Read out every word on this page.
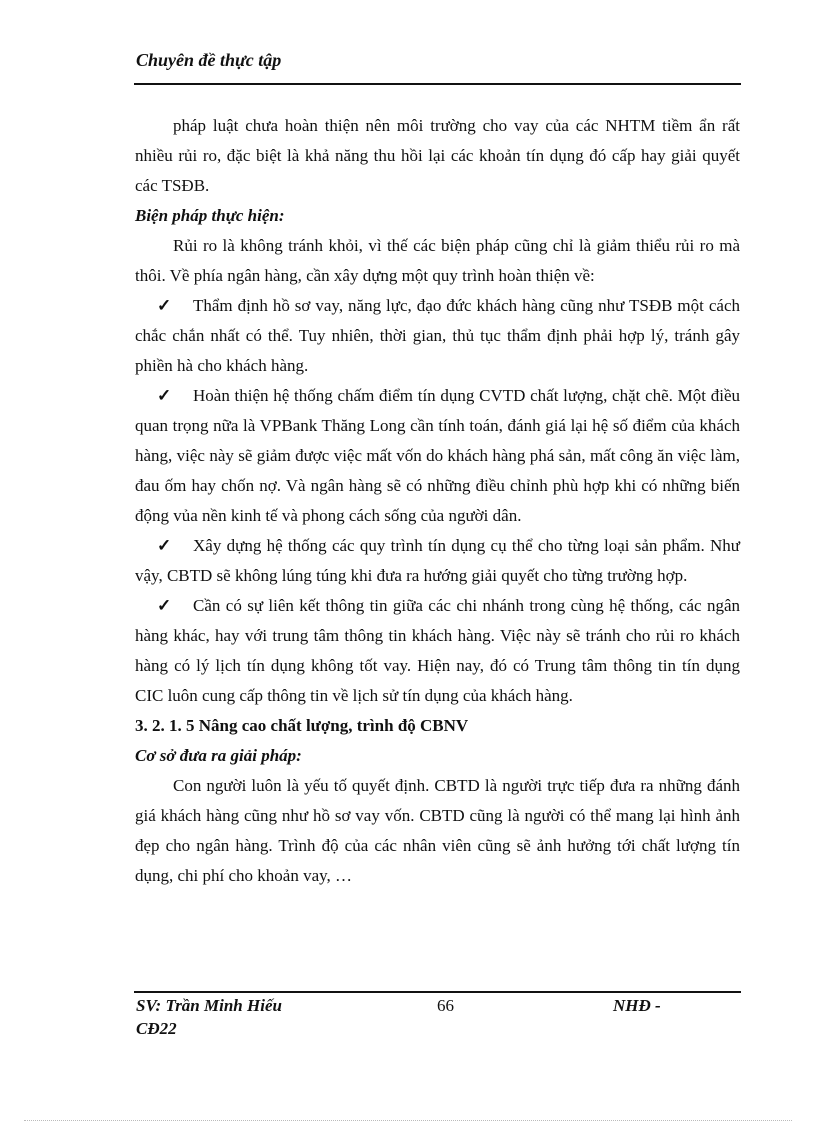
Chuyên đề thực tập

pháp luật chưa hoàn thiện nên môi trường cho vay của các NHTM tiềm ẩn rất nhiều rủi ro, đặc biệt là khả năng thu hồi lại các khoản tín dụng đó cấp hay giải quyết các TSĐB.

Biện pháp thực hiện:

Rủi ro là không tránh khỏi, vì thế các biện pháp cũng chỉ là giảm thiểu rủi ro mà thôi. Về phía ngân hàng, cần xây dựng một quy trình hoàn thiện về:

✓ Thẩm định hồ sơ vay, năng lực, đạo đức khách hàng cũng như TSĐB một cách chắc chắn nhất có thể. Tuy nhiên, thời gian, thủ tục thẩm định phải hợp lý, tránh gây phiền hà cho khách hàng.

✓ Hoàn thiện hệ thống chấm điểm tín dụng CVTD chất lượng, chặt chẽ. Một điều quan trọng nữa là VPBank Thăng Long cần tính toán, đánh giá lại hệ số điểm của khách hàng, việc này sẽ giảm được việc mất vốn do khách hàng phá sản, mất công ăn việc làm, đau ốm hay chốn nợ. Và ngân hàng sẽ có những điều chỉnh phù hợp khi có những biến động vủa nền kinh tế và phong cách sống của người dân.

✓ Xây dựng hệ thống các quy trình tín dụng cụ thể cho từng loại sản phẩm. Như vậy, CBTD sẽ không lúng túng khi đưa ra hướng giải quyết cho từng trường hợp.

✓ Cần có sự liên kết thông tin giữa các chi nhánh trong cùng hệ thống, các ngân hàng khác, hay với trung tâm thông tin khách hàng. Việc này sẽ tránh cho rủi ro khách hàng có lý lịch tín dụng không tốt vay. Hiện nay, đó có Trung tâm thông tin tín dụng CIC luôn cung cấp thông tin về lịch sử tín dụng của khách hàng.

3. 2. 1. 5 Nâng cao chất lượng, trình độ CBNV

Cơ sở đưa ra giải pháp:

Con người luôn là yếu tố quyết định. CBTD là người trực tiếp đưa ra những đánh giá khách hàng cũng như hồ sơ vay vốn. CBTD cũng là người có thể mang lại hình ảnh đẹp cho ngân hàng. Trình độ của các nhân viên cũng sẽ ảnh hưởng tới chất lượng tín dụng, chi phí cho khoản vay, …

SV: Trần Minh Hiếu
CĐ22
66	NHĐ -
